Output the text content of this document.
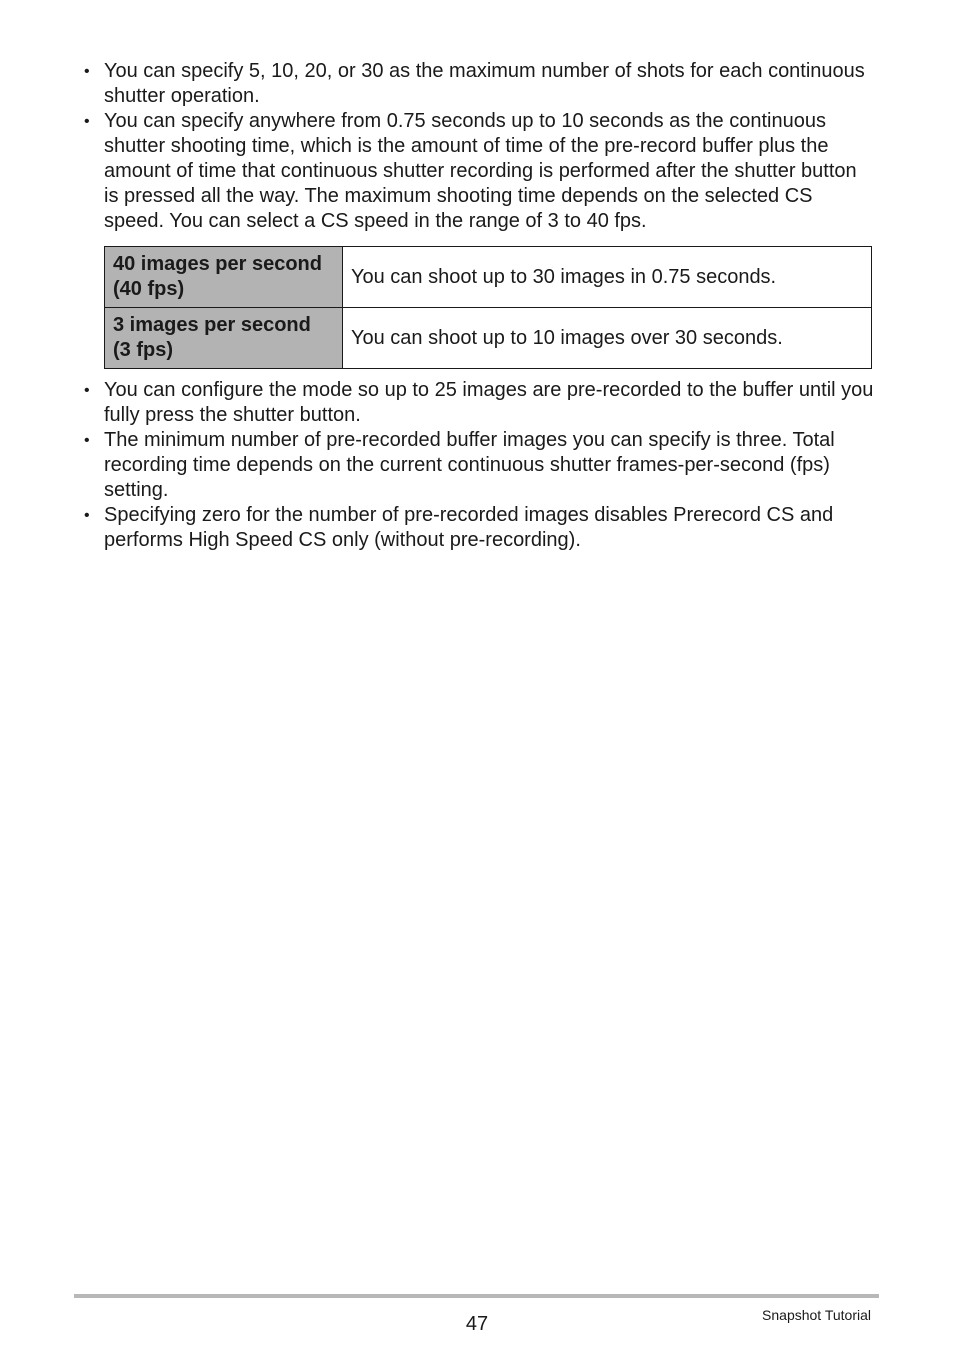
• You can specify 5, 10, 20, or 30 as the maximum number of shots for each continuous shutter operation.
• You can specify anywhere from 0.75 seconds up to 10 seconds as the continuous shutter shooting time, which is the amount of time of the pre-record buffer plus the amount of time that continuous shutter recording is performed after the shutter button is pressed all the way. The maximum shooting time depends on the selected CS speed. You can select a CS speed in the range of 3 to 40 fps.
40 images per second
(40 fps)	You can shoot up to 30 images in 0.75 seconds.
3 images per second
(3 fps)	You can shoot up to 10 images over 30 seconds.
• You can configure the mode so up to 25 images are pre-recorded to the buffer until you fully press the shutter button.
• The minimum number of pre-recorded buffer images you can specify is three. Total recording time depends on the current continuous shutter frames-per-second (fps) setting.
• Specifying zero for the number of pre-recorded images disables Prerecord CS and performs High Speed CS only (without pre-recording).
47	Snapshot Tutorial
